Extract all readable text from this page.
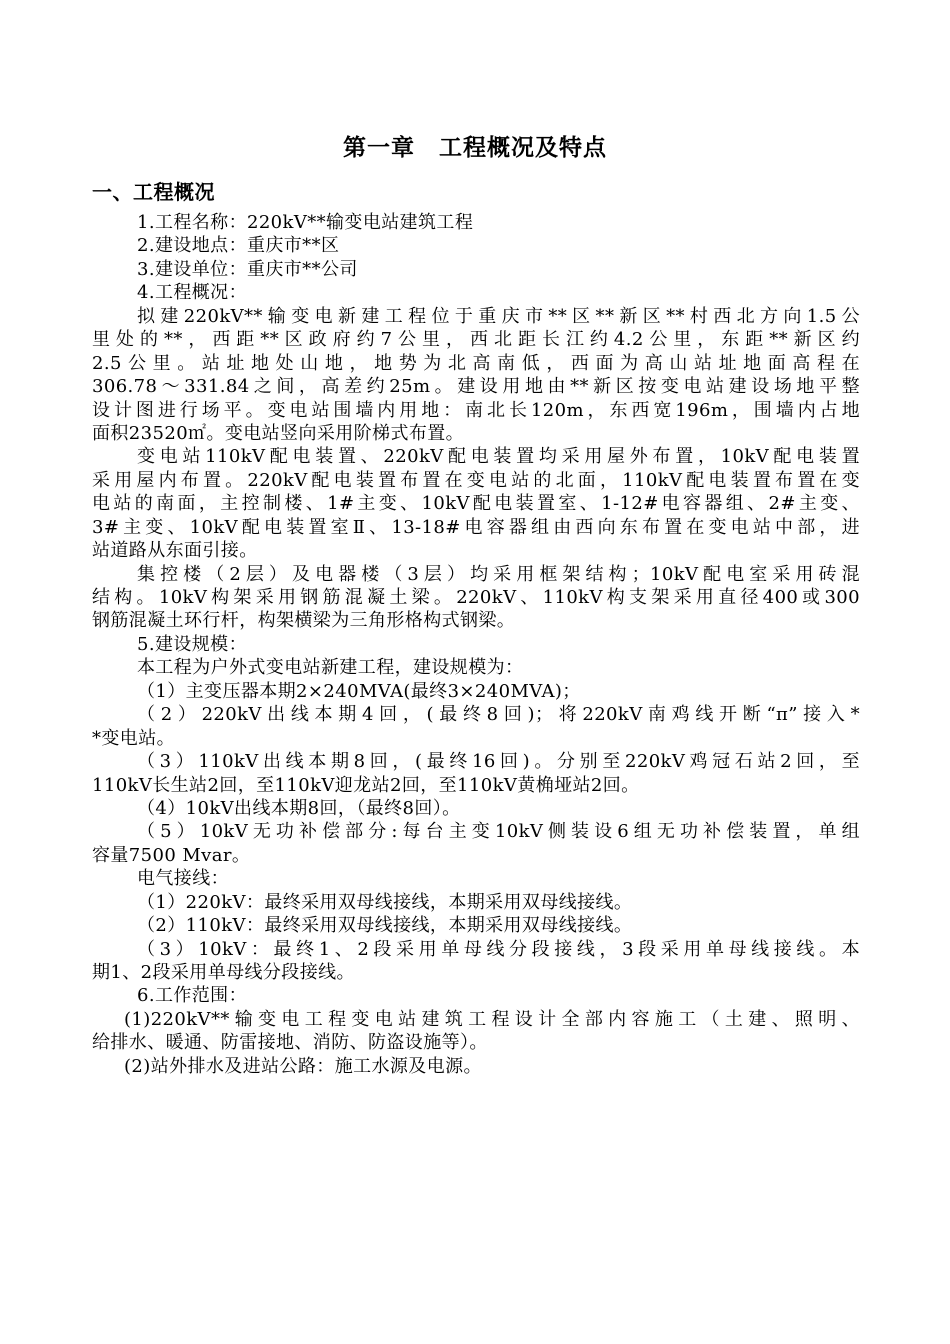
第一章　工程概况及特点
一、工程概况
1.工程名称：220kV**输变电站建筑工程
2.建设地点：重庆市**区
3.建设单位：重庆市**公司
4.工程概况：
拟建220kV**输变电新建工程位于重庆市**区**新区**村西北方向1.5公
里处的**，西距**区政府约7公里，西北距长江约4.2公里，东距**新区约
2.5公里。站址地处山地，地势为北高南低，西面为高山站址地面高程在
306.78～331.84之间，高差约25m。建设用地由**新区按变电站建设场地平整
设计图进行场平。变电站围墙内用地：南北长120m，东西宽196m，围墙内占地
面积23520㎡。变电站竖向采用阶梯式布置。
变电站110kV配电装置、220kV配电装置均采用屋外布置，10kV配电装置
采用屋内布置。220kV配电装置布置在变电站的北面，110kV配电装置布置在变
电站的南面，主控制楼、1#主变、10kV配电装置室、1-12#电容器组、2#主变、
3#主变、10kV配电装置室Ⅱ、13-18#电容器组由西向东布置在变电站中部，进
站道路从东面引接。
集控楼（2层）及电器楼（3层）均采用框架结构；10kV配电室采用砖混
结构。10kV构架采用钢筋混凝土梁。220kV、110kV构支架采用直径400或300
钢筋混凝土环行杆，构架横梁为三角形格构式钢梁。
5.建设规模：
本工程为户外式变电站新建工程，建设规模为：
（1）主变压器本期2×240MVA(最终3×240MVA)；
（2）220kV出线本期4回，(最终8回)；将220kV南鸡线开断“π”接入*
*变电站。
（3）110kV出线本期8回，(最终16回)。分别至220kV鸡冠石站2回，至
110kV长生站2回，至110kV迎龙站2回，至110kV黄桷垭站2回。
（4）10kV出线本期8回，（最终8回）。
（5）10kV无功补偿部分:每台主变10kV侧装设6组无功补偿装置，单组
容量7500 Mvar。
电气接线：
（1）220kV：最终采用双母线接线，本期采用双母线接线。
（2）110kV：最终采用双母线接线，本期采用双母线接线。
（3）10kV：最终1、2段采用单母线分段接线，3段采用单母线接线。本
期1、2段采用单母线分段接线。
6.工作范围：
(1)220kV**输变电工程变电站建筑工程设计全部内容施工（土建、照明、
给排水、暖通、防雷接地、消防、防盗设施等）。
(2)站外排水及进站公路：施工水源及电源。
